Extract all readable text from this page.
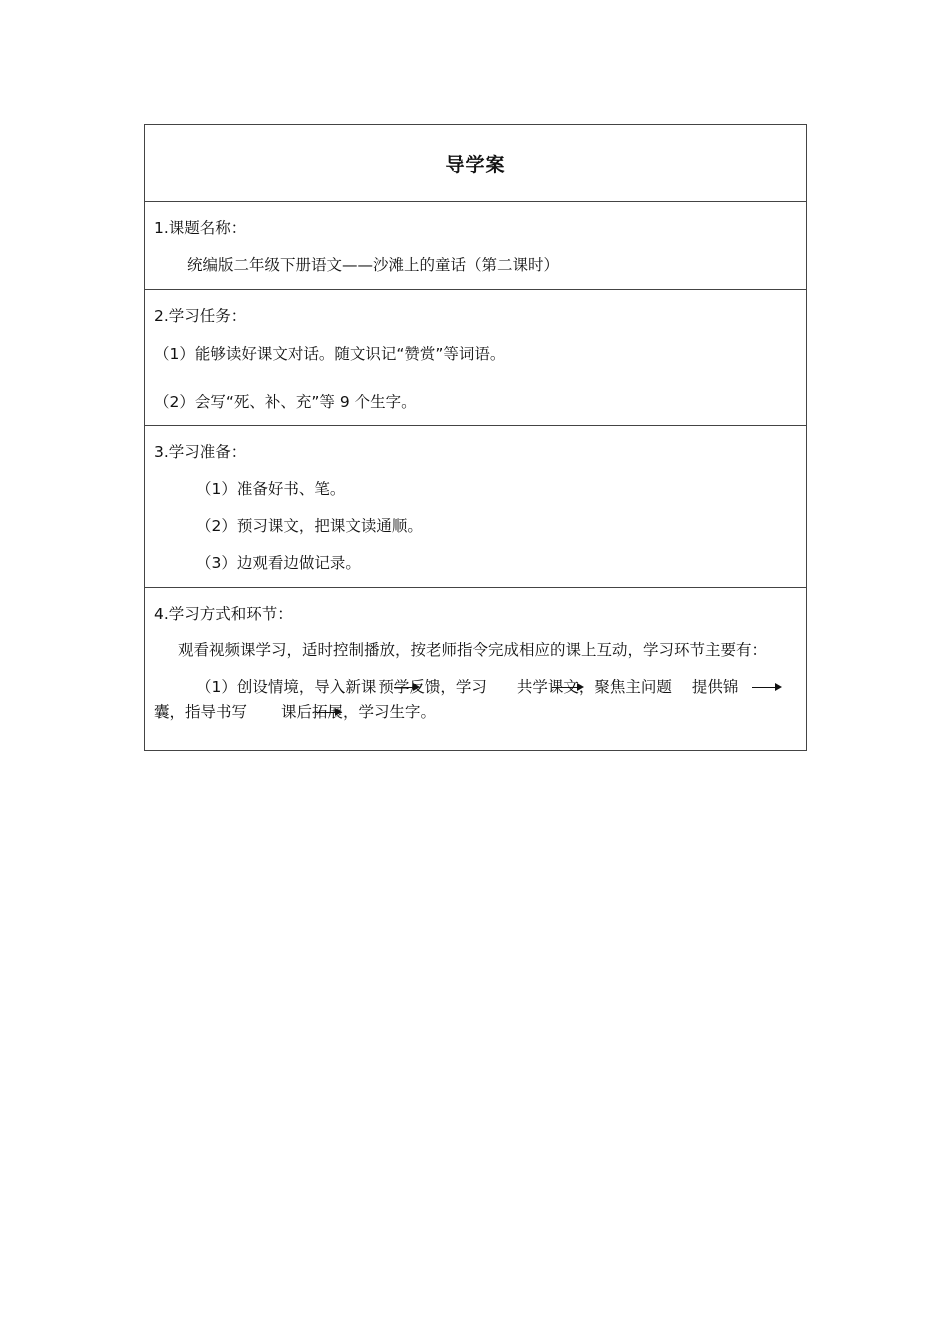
导学案
1.课题名称：
统编版二年级下册语文——沙滩上的童话（第二课时）
2.学习任务：
（1）能够读好课文对话。随文识记“赞赏”等词语。
（2）会写“死、补、充”等 9 个生字。
3.学习准备：
（1）准备好书、笔。
（2）预习课文，把课文读通顺。
（3）边观看边做记录。
4.学习方式和环节：
观看视频课学习，适时控制播放，按老师指令完成相应的课上互动，学习环节主要有：
（1）创设情境，导入新课 预学反馈，学习 共学课文，聚焦主问题 提供锦
囊，指导书写 课后拓展，学习生字。
